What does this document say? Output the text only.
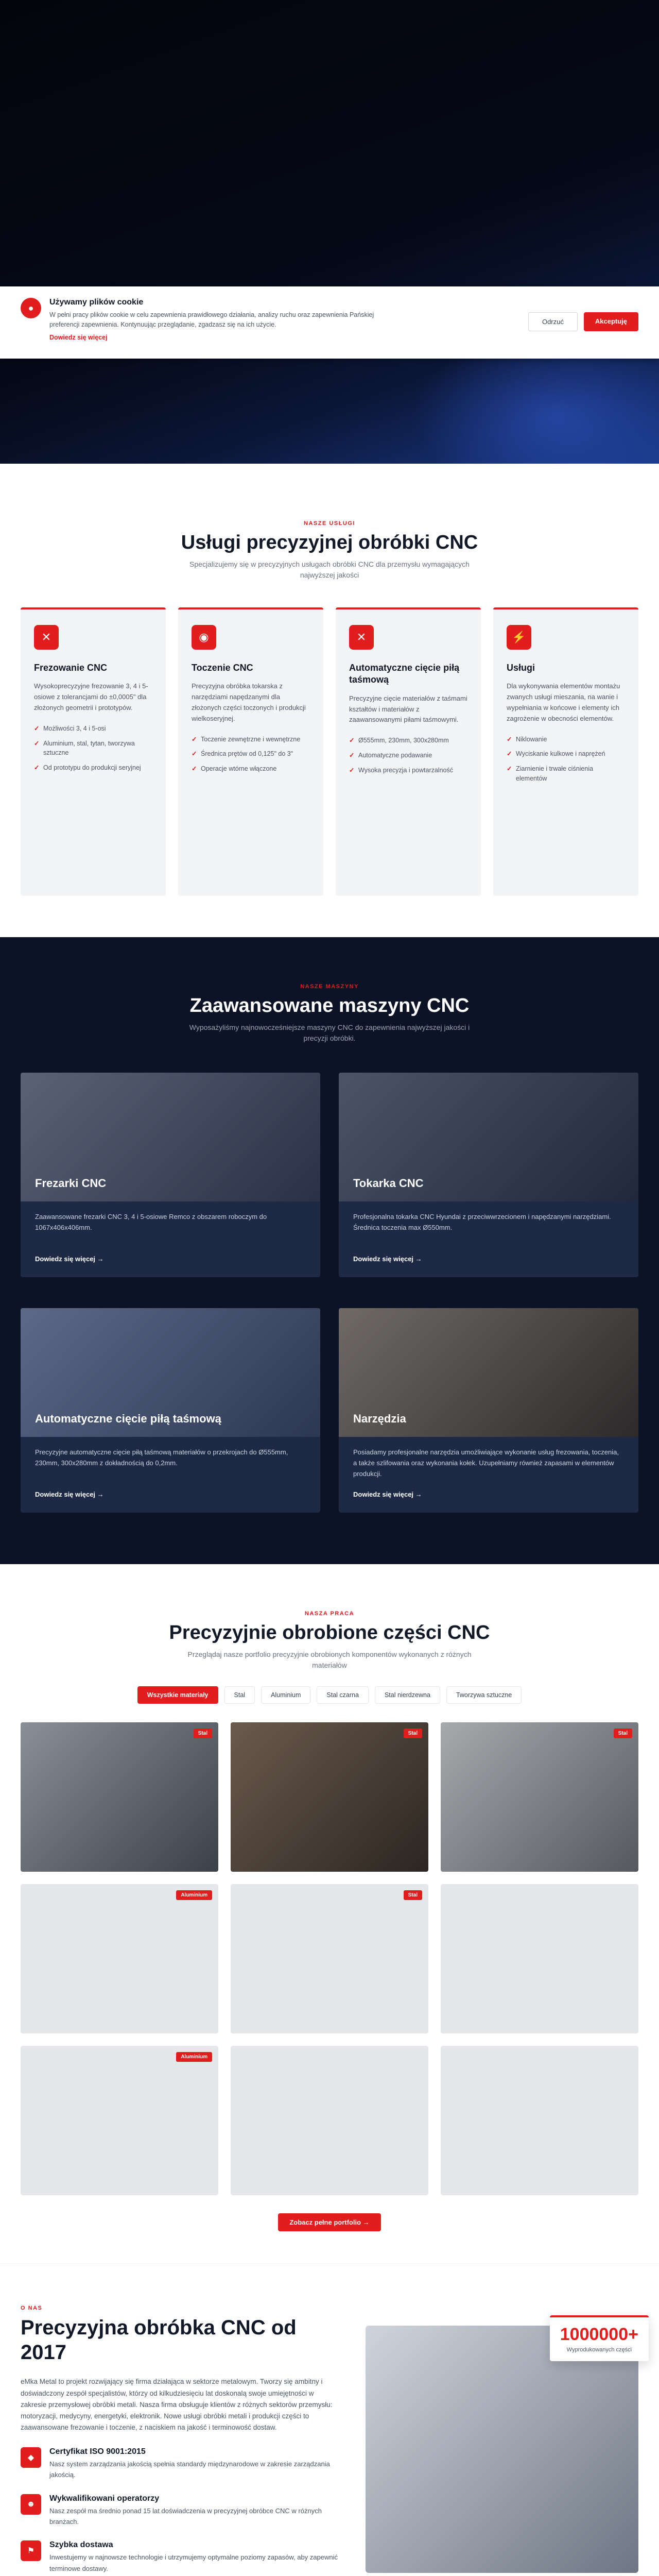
●
Używamy plików cookie

W pełni pracy plików cookie w celu zapewnienia prawidłowego działania, analizy ruchu oraz zapewnienia Pańskiej preferencji zapewnienia. Kontynuując przeglądanie, zgadzasz się na ich użycie.

Dowiedz się więcej
Odrzuć	Akceptuję
NASZE USŁUGI
Usługi precyzyjnej obróbki CNC

Specjalizujemy się w precyzyjnych usługach obróbki CNC dla przemysłu wymagających najwyższej jakości

✕
Frezowanie CNC

Wysokoprecyzyjne frezowanie 3, 4 i 5-osiowe z tolerancjami do ±0,0005" dla złożonych geometrii i prototypów.

✓ Możliwości 3, 4 i 5-osi
✓ Aluminium, stal, tytan, tworzywa sztuczne
✓ Od prototypu do produkcji seryjnej
◉
Toczenie CNC

Precyzyjna obróbka tokarska z narzędziami napędzanymi dla złożonych części toczonych i produkcji wielkoseryjnej.

✓ Toczenie zewnętrzne i wewnętrzne
✓ Średnica prętów od 0,125" do 3"
✓ Operacje wtórne włączone
✕
Automatyczne cięcie piłą taśmową

Precyzyjne cięcie materiałów z taśmami kształtów i materiałów z zaawansowanymi piłami taśmowymi.

✓ Ø555mm, 230mm, 300x280mm
✓ Automatyczne podawanie
✓ Wysoka precyzja i powtarzalność
⚡
Usługi

Dla wykonywania elementów montażu zwanych usługi mieszania, na wanie i wypełniania w końcowe i elementy ich zagrożenie w obecności elementów.

✓ Niklowanie
✓ Wyciskanie kulkowe i naprężeń
✓ Ziarnienie i trwałe ciśnienia elementów
NASZE MASZYNY
Zaawansowane maszyny CNC

Wyposażyliśmy najnowocześniejsze maszyny CNC do zapewnienia najwyższej jakości i precyzji obróbki.

Frezarki CNC

Zaawansowane frezarki CNC 3, 4 i 5-osiowe Remco z obszarem roboczym do 1067x406x406mm.

Dowiedz się więcej →
Tokarka CNC

Profesjonalna tokarka CNC Hyundai z przeciwwrzecionem i napędzanymi narzędziami. Średnica toczenia max Ø550mm.

Dowiedz się więcej →
Automatyczne cięcie piłą taśmową

Precyzyjne automatyczne cięcie piłą taśmową materiałów o przekrojach do Ø555mm, 230mm, 300x280mm z dokładnością do 0,2mm.

Dowiedz się więcej →
Narzędzia

Posiadamy profesjonalne narzędzia umożliwiające wykonanie usług frezowania, toczenia, a także szlifowania oraz wykonania kołek. Uzupełniamy również zapasami w elementów produkcji.

Dowiedz się więcej →
NASZA PRACA
Precyzyjnie obrobione części CNC

Przeglądaj nasze portfolio precyzyjnie obrobionych komponentów wykonanych z różnych materiałów

Wszystkie materiały	Stal	Aluminium	Stal czarna	Stal nierdzewna	Tworzywa sztuczne
Stal	Stal	Stal
Aluminium	Stal
Aluminium
Zobacz pełne portfolio →
O NAS
Precyzyjna obróbka CNC od 2017

eMka Metal to projekt rozwijający się firma działająca w sektorze metalowym. Tworzy się ambitny i doświadczony zespół specjalistów, którzy od kilkudziesięciu lat doskonalą swoje umiejętności w zakresie przemysłowej obróbki metali. Nasza firma obsługuje klientów z różnych sektorów przemysłu: motoryzacji, medycyny, energetyki, elektronik. Nowe usługi obróbki metali i produkcji części to zaawansowane frezowanie i toczenie, z naciskiem na jakość i terminowość dostaw.

◆
Certyfikat ISO 9001:2015

Nasz system zarządzania jakością spełnia standardy międzynarodowe w zakresie zarządzania jakością.

☻
Wykwalifikowani operatorzy

Nasz zespół ma średnio ponad 15 lat doświadczenia w precyzyjnej obróbce CNC w różnych branżach.

⚑
Szybka dostawa

Inwestujemy w najnowsze technologie i utrzymujemy optymalne poziomy zapasów, aby zapewnić terminowe dostawy.

1000000+
Wyprodukowanych części
